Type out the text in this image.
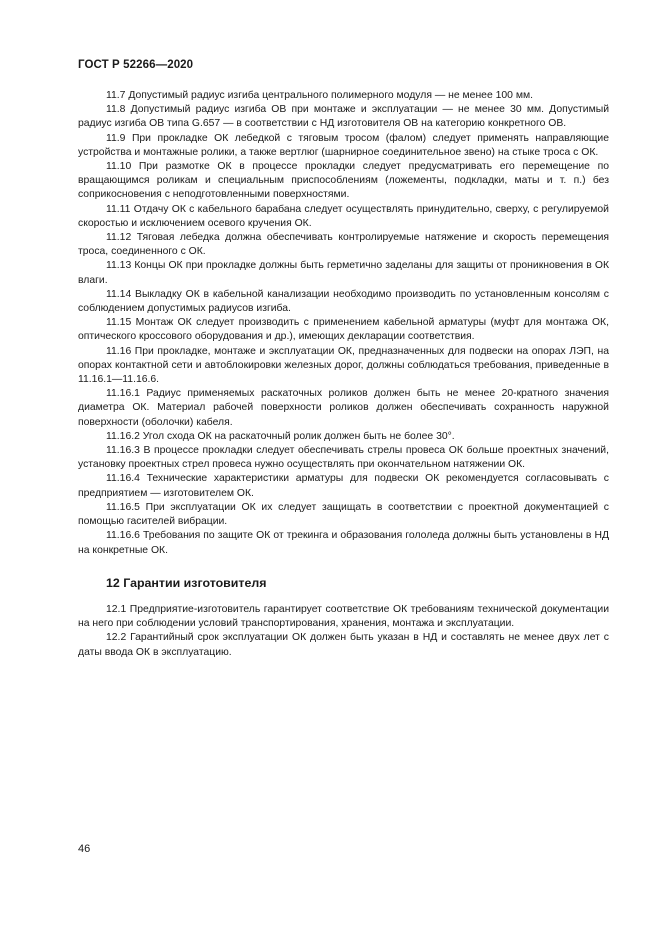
ГОСТ Р 52266—2020

11.7 Допустимый радиус изгиба центрального полимерного модуля — не менее 100 мм.

11.8 Допустимый радиус изгиба ОВ при монтаже и эксплуатации — не менее 30 мм. Допустимый радиус изгиба ОВ типа G.657 — в соответствии с НД изготовителя ОВ на категорию конкретного ОВ.

11.9 При прокладке ОК лебедкой с тяговым тросом (фалом) следует применять направляющие устройства и монтажные ролики, а также вертлюг (шарнирное соединительное звено) на стыке троса с ОК.

11.10 При размотке ОК в процессе прокладки следует предусматривать его перемещение по вращающимся роликам и специальным приспособлениям (ложементы, подкладки, маты и т. п.) без соприкосновения с неподготовленными поверхностями.

11.11 Отдачу ОК с кабельного барабана следует осуществлять принудительно, сверху, с регулируемой скоростью и исключением осевого кручения ОК.

11.12 Тяговая лебедка должна обеспечивать контролируемые натяжение и скорость перемещения троса, соединенного с ОК.

11.13 Концы ОК при прокладке должны быть герметично заделаны для защиты от проникновения в ОК влаги.

11.14 Выкладку ОК в кабельной канализации необходимо производить по установленным консолям с соблюдением допустимых радиусов изгиба.

11.15 Монтаж ОК следует производить с применением кабельной арматуры (муфт для монтажа ОК, оптического кроссового оборудования и др.), имеющих декларации соответствия.

11.16 При прокладке, монтаже и эксплуатации ОК, предназначенных для подвески на опорах ЛЭП, на опорах контактной сети и автоблокировки железных дорог, должны соблюдаться требования, приведенные в 11.16.1—11.16.6.

11.16.1 Радиус применяемых раскаточных роликов должен быть не менее 20-кратного значения диаметра ОК. Материал рабочей поверхности роликов должен обеспечивать сохранность наружной поверхности (оболочки) кабеля.

11.16.2 Угол схода ОК на раскаточный ролик должен быть не более 30°.

11.16.3 В процессе прокладки следует обеспечивать стрелы провеса ОК больше проектных значений, установку проектных стрел провеса нужно осуществлять при окончательном натяжении ОК.

11.16.4 Технические характеристики арматуры для подвески ОК рекомендуется согласовывать с предприятием — изготовителем ОК.

11.16.5 При эксплуатации ОК их следует защищать в соответствии с проектной документацией с помощью гасителей вибрации.

11.16.6 Требования по защите ОК от трекинга и образования гололеда должны быть установлены в НД на конкретные ОК.

12 Гарантии изготовителя

12.1 Предприятие-изготовитель гарантирует соответствие ОК требованиям технической документации на него при соблюдении условий транспортирования, хранения, монтажа и эксплуатации.

12.2 Гарантийный срок эксплуатации ОК должен быть указан в НД и составлять не менее двух лет с даты ввода ОК в эксплуатацию.

46
